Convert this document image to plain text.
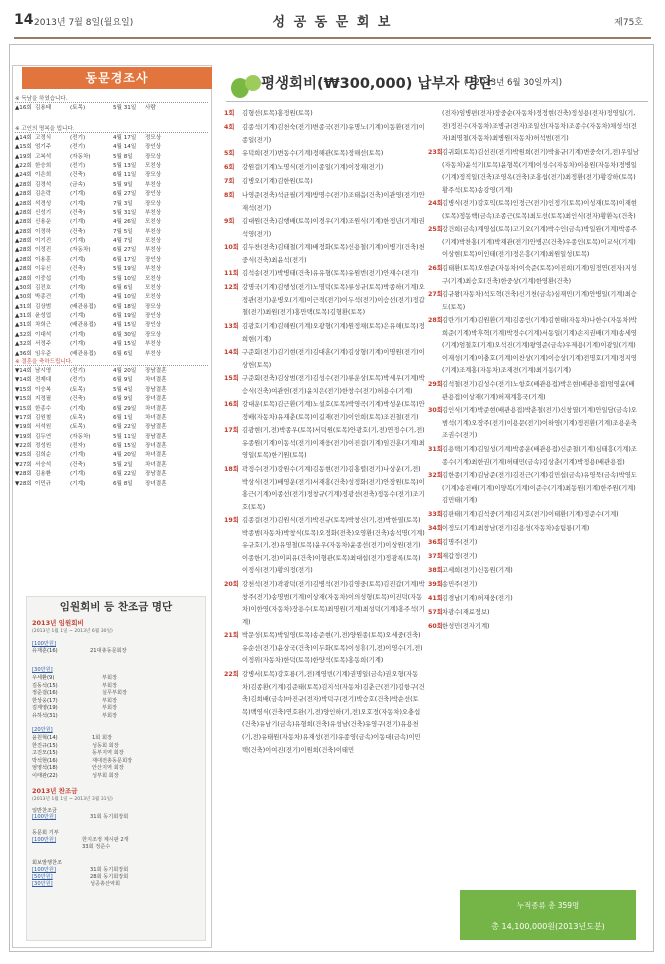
14 2013년 7월 8일(월요일)	성 공 동 문 회 보	제75호
동문경조사
※ 득남을 하였습니다.
▲16회 김용태	(토목)	5월 31일 사람
※ 고인의 명복을 빕니다.
▲14회 고정식	(전기)	4월 17일 정모상
▲15회 엄기주	(전기)	4월 14일 장인상
▲19회 고복석	(자동차)	5월 8일 장모상
▲22회 한승희	(전기)	5월 13일 모친상
▲24회 이은희	(건축)	6월 11일 장모상
▲28회 김경석	(금속)	5월 9일 부친상
▲28회 김은락	(기계)	6월 27일 장인상
▲28회 석경성	(기계)	7월 3일 장모상
▲28회 신성기	(건축)	5월 31일 부친상
▲28회 신용운	(기계)	4월 26일 모친상
▲28회 이정하	(건축)	7월 5일 부친상
▲28회 이기진	(기계)	4월 7일 모친상
▲28회 이정진	(자동차)	6월 27일 부친상
▲28회 이용훈	(기계)	6월 17일 장인상
▲28회 이유신	(건축)	5월 19일 부친상
▲28회 이중섭	(기계)	5월 10일 모친상
▲30회 김진호	(기계)	6월 6일 모친상
▲30회 박종건	(기계)	4월 10일 모친상
▲31회 김상범	(배관용접)	6월 18일 장모상
▲31회 윤성업	(기계)	6월 19일 장인상
▲31회 차희근	(배관용접)	4월 15일 장인상
▲32회 이대석	(기계)	6월 30일 장모상
▲32회 서정주	(기계)	4월 15일 부친상
▲36회 임우준	(배관용접)	6월 6일 부친상
※ 결혼을 축하드립니다.
▼14회 남시영	(전기)	4월 20일 장남결혼
▼14회 전제대	(전기)	6월 9일 차녀결혼
▼15회 이승복	(토목)	5월 4일 장남결혼
▼15회 지정필	(건축)	6월 9일 장녀결혼
▼15회 한종수	(기계)	6월 29일 차녀결혼
▼17회 김원철	(토목)	6월 1일 차녀결혼
▼19회 서석원	(토목)	6월 22일 장남결혼
▼19회 김두연	(자동차)	5월 11일 장남결혼
▼22회 정성원	(전자)	6월 15일 장녀결혼
▼25회 김희순	(기계)	4월 20일 차녀결혼
▼27회 서승석	(건축)	5월 2일 차녀결혼
▼28회 김용환	(기계)	6월 22일 장남결혼
▼28회 이민규	(기계)	6월 8일 장녀결혼
임원회비 등 찬조금 명단
2013년 임원회비
(2013년 1월 1일 ~ 2013년 6월 30일)
[100만원]
유재훈(16)	21대총동문회장
[30만원]
우세환(9)	부회장
김동석(15)	부회장
정준걸(16)	실무부회장
한상웅(17)	부회장
김계영(19)	부회장
유하석(31)	부회장
[20만원]
윤원혁(14)	1회 회장
한진규(15)	성동회 회장
고진모(15)	동부지역 회장
박석현(16)	재대전총동문회장
엄영석(18)	안산지역 회장
이태관(22)	성부회 회장
2013년 찬조금
(2013년 1월 1일 ~ 2013년 3월 31일)
일반찬조금
[100만원]	31회 동기회장회
동문회 기부
[100만원]	한지조정 계시판 2개
33회 정준수
회보발행찬조
[100만원]	31회 동기회장회
[50만원]	28회 동기회장회
[30만원]	성공총산악회
평생회비(₩300,000) 납부자 명단
(~2013년 6월 30일까지)
1회	김형선(토목)홍정원(토목)
4회	김종석(기계)김천숙(전기)변종국(전기)유명노(기계)이동환(전기)이종일(전기)
5회	유덕희(전기)변동수(기계)정해관(토목)정해선(토목)
6회	강원걸(기계)노명식(전기)이종일(기계)이장재(전기)
7회	김병오(기계)김한원(토목)
8회	나영준(전축)석균필(기계)방명수(전기)조태음(건축)이관영(전기)안재석(전기)
9회	김대원(건축)김행배(토목)이경우(기계)조원식(기계)한정년(기계)권석영(전기)
10회 김두찬(전축)김태철(기계)배정화(토목)신용철(기계)이병기(건축)천중식(건축)최윤석(전기)
11회 김석송(전기)박병태(건축)유유형(토목)유원번(전기)안재수(전기)
12회 강명국(기계)김행성(전기)노명덕(토목)류성규(토목)박종하(기계)오정관(전기)운병오(기계)이근적(전기)이두석(전기)이승선(전기)정갑철(전기)최원(전기)홍만택(토목)김형환(토목)
13회 김광호(기계)김해원(기계)오광형(기계)원정채(토목)은유해(토목)정희현(기계)
14회 구준회(전기)김기현(전기)김대훈(기계)김상형(기계)이명원(전기)이상헌(토목)
15회 구준회(전축)김상범(전기)김성수(전기)류운상(토목)박세우(기계)박승식(건축)여관헌(전기)윤치은(전기)한창수(전기)허용수(기계)
16회 강대운(토목)김근환(기계)노설호(토목)박영곡(기계)박성운(토목)안정배(자동차)유재춘(토목)이길재(전기)이인희(토목)조진철(전기)
17회 김광현(기,전)박종우(토목)서덕원(토목)안광호(기,전)연정수(기,전)유종원(기계)이동석(전기)이재웅(전기)이진걸(기계)임건훈(기계)최영일(토목)한기원(토목)
18회 곽정수(전기)강원수(기계)김동현(전기)김홍렬(전기)나상운(기,전)박상식(전기)배영운(전기)서재홍(건축)성정화(전기)안장원(토목)이홍근(기계)이종선(전기)정창규(기계)정광선(전축)정동수(전기)조기호(토목)
19회 김종걸(전기)김원식(전기)박진규(토목)박창신(기,전)박한열(토목)박종범(자동차)박창식(토목)오정화(전축)오영환(건축)송석명(기계)유규호(기,전)유영철(토목)윤우(자동차)윤종선(전기)이상원(전기)이종한(기,전)이피유(건축)이형관(토목)최대섭(전기)정광록(토목)이정식(전기)황의정(전기)
20회 강천석(전기)곽광덕(전기)김병석(전기)김영중(토목)김진갑(기계)박창주(전기)송명범(기계)이상재(자동차)이의성형(토목)이진덕(자동차)이한영(자동차)장용수(토목)최명원(기계)최성덕(기계)홍주석(기계)
21회 박문성(토목)박일영(토목)송준현(기,전)양원종(토목)오세중(건축)유순선(전기)윤상국(건축)이두화(토목)이성휴(기,전)이영수(기,전)이정위(자동차)한덕(토목)한양석(토목)홍동희(기계)
22회 강병서(토목)강호룡(기,전)계영빈(기계)권명일(금속)권오형(자동차)김종환(기계)김준태(토목)김지석(자동차)김춘근(전기)김항구(건축)김희배(금속)마진규(전자)박덕구(전기)박승호(건축)박순선(토목)백영식(건축)연호완(기,전)양인하(기,전)오호정(자동차)오충섭(건축)유남기(금속)유형희(건축)유성남(건축)유영구(전기)유용천(기,전)유태원(자동차)유재성(전기)유종영(금속)이동대(금속)이민택(건축)이여진(전기)이원희(건축)이태민
(전자)임병편(전자)장중순(자동차)정정현(건축)정성용(전자)정영일(기,전)정진수(자동차)조병규(전자)조일선(자동차)조종수(자동차)채성석(전자)최명철(자동차)최병원(자동차)허석범(전기)
23회 김귀회(토목)김선진(전기)박원희(전기)박율규(기계)변중숙(기,전)우일남(자동차)윤석기(토목)윤형복(기계)이성수(자동차)이용원(자동차)정병일(기계)정직일(건축)조영옥(건축)조홍섭(전기)최정환(전기)황강하(토목)황주석(토목)송강영(기계)
24회 김병식(전기)강호익(토목)인정근(전기)인정기(토목)이성재(토목)이재현(토목)정동핵(금속)조종근(토목)최도선(토목)최인식(전자)황환녹(건축)
25회 강건희(금속)계영섭(토목)고기오(기계)박수인(금속)박일완(기계)박종주(기계)박찬홍(기계)박재관(전기)안병곤(건축)우종인(토목)이교식(기계)이상현(토목)이인태(전기)정은흥(기계)최원일성(토목)
26회 김태환(토목)오현준(자동차)이숙준(토목)이진희(기계)임정연(전자)지성구(기계)최승호(건축)한중상(기계)한영환(건축)
27회 김규왕(자동차)석도혁(건축)신기천(금속)심재민(기계)안병일(기계)최승도(토목)
28회 김란기(기계)김원환(기계)김종인(기계)김현태(자동차)나한수(자동차)박희준(기계)박후혁(기계)박정수(기계)서동일(기계)손지권배(기계)송세영(기계)엄철호(기계)오석진(기계)왕영준(금속)우제용(기계)이광일(기계)이재성(기계)이충호(기계)이찬상(기계)이승상(기계)전명호(기계)정지영(기계)조계홍(자동차)조재전(기계)최기동(기계)
29회 김석철(전기)김성수(전기)노항호(배관용접)박은현(배관용접)엄영윤(배관용접)이상재(기계)허재계흥국(기계)
30회 김인식(기계)박준현(배관용접)박춘철(전기)신창열(기계)안일담(금속)오범석(기계)오장주(전기)이용문(전기)이하영(기계)정진환(기계)조용운축조권수(전기)
31회 김용택(기계)김일성(기계)박종운(배관용접)신준철(기계)심태흥(기계)조종수(기계)최한권(기계)허태민(금속)김상춘(기계)박정용(배관용접)
32회 김한종(기계)김남준(전기)김진근(기계)김민섭(금속)유영묵(금속)박영도(기계)송진배(기계)이양복(기계)이준수(기계)최동원(기계)한주원(기계)김민태(기계)
33회 김판태(기계)김석중(기계)김지호(전기)이태환(기계)정준수(기계)
34회 이정도(기계)최창남(전기)김용성(자동차)송팀룡(기계)
36회 김명주(전기)
37회 제갑정(전기)
38회 고세희(전기)신동원(기계)
39회 송민주(전기)
41회 김경남(기계)허재웅(전기)
57회 차광수(재료정보)
60회 한성민(전자기계)
누적종류 총 359명
총 14,100,000원(2013년도분)
